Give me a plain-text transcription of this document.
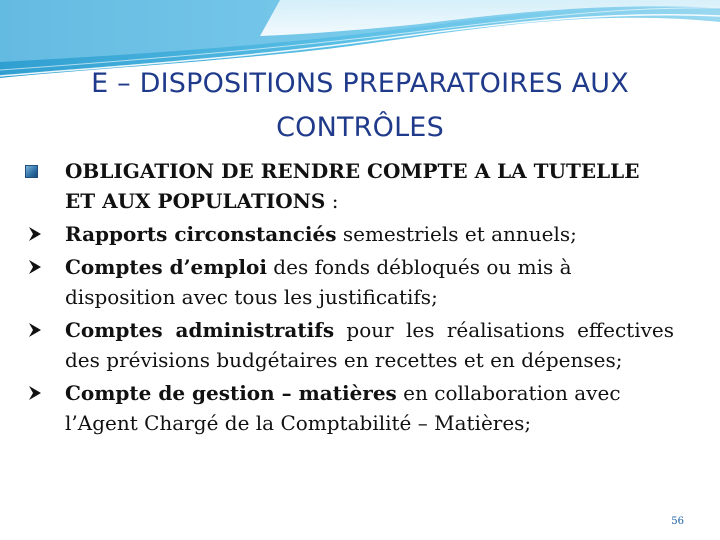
E – DISPOSITIONS PREPARATOIRES AUX
CONTRÔLES
OBLIGATION DE RENDRE COMPTE A LA TUTELLE ET AUX POPULATIONS :
Rapports circonstanciés semestriels et annuels;
Comptes d’emploi des fonds débloqués ou mis à disposition avec tous les justificatifs;
Comptes administratifs pour les réalisations effectives des prévisions budgétaires en recettes et en dépenses;
Compte de gestion – matières en collaboration avec l’Agent Chargé de la Comptabilité – Matières;
56
